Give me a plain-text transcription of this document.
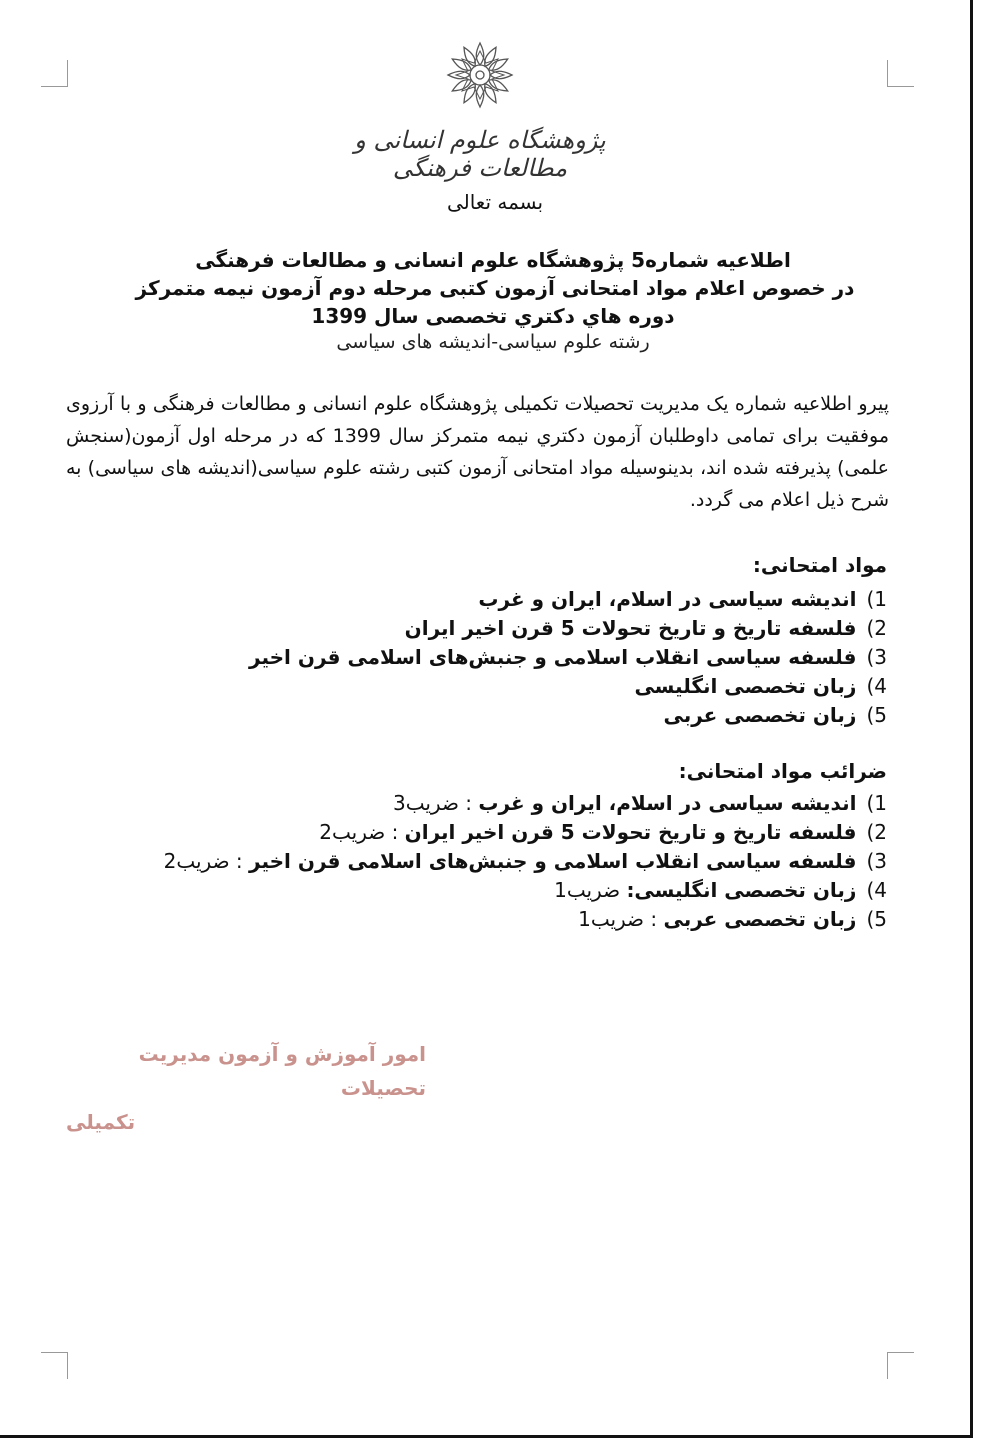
پژوهشگاه علوم انسانی و مطالعات فرهنگی
بسمه تعالی
اطلاعیه شماره5 پژوهشگاه علوم انسانی و مطالعات فرهنگی
در خصوص اعلام مواد امتحانی آزمون کتبی مرحله دوم آزمون نیمه متمرکز
دوره هاي دکتري تخصصی سال 1399
رشته علوم سیاسی-اندیشه های سیاسی
پیرو اطلاعیه شماره یک مدیریت تحصیلات تکمیلی پژوهشگاه علوم انسانی و مطالعات فرهنگی و با آرزوی موفقیت برای تمامی داوطلبان آزمون دکتري نیمه متمرکز سال 1399 که در مرحله اول آزمون(سنجش علمی) پذیرفته شده اند، بدینوسیله مواد امتحانی آزمون کتبی رشته علوم سیاسی(اندیشه های سیاسی) به شرح ذیل اعلام می گردد.
مواد امتحانی:
1)اندیشه سیاسی در اسلام، ایران و غرب
2)فلسفه تاریخ و تاریخ تحولات 5 قرن اخیر ایران
3)فلسفه سیاسی انقلاب اسلامی و جنبش‌های اسلامی قرن اخیر
4)زبان تخصصی انگلیسی
5)زبان تخصصی عربی
ضرائب مواد امتحانی:
1)اندیشه سیاسی در اسلام، ایران و غرب : ضریب3
2)فلسفه تاریخ و تاریخ تحولات 5 قرن اخیر ایران : ضریب2
3)فلسفه سیاسی انقلاب اسلامی و جنبش‌های اسلامی قرن اخیر : ضریب2
4)زبان تخصصی انگلیسی: ضریب1
5)زبان تخصصی عربی : ضریب1
امور آموزش و آزمون مدیریت تحصیلات
تکمیلی
